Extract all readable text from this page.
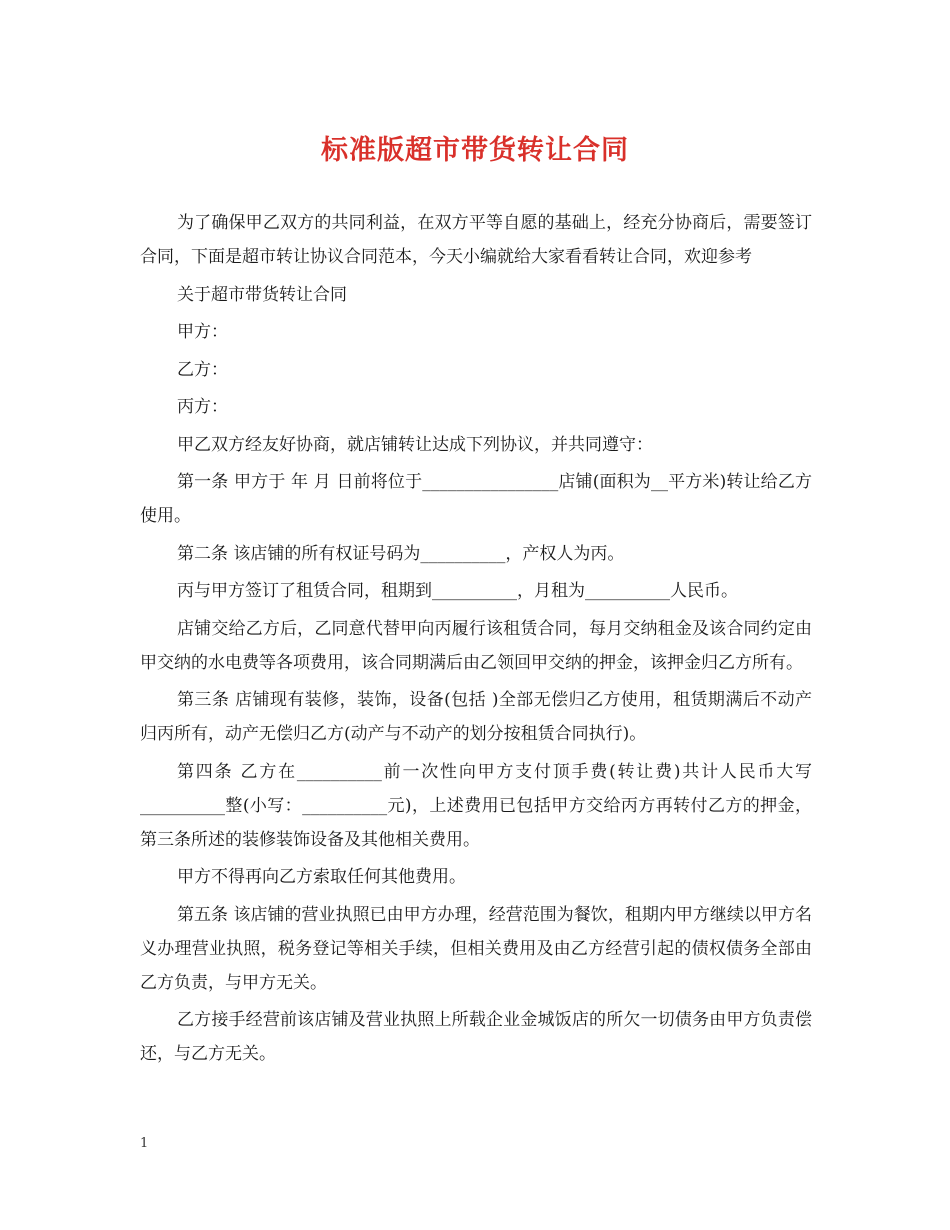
标准版超市带货转让合同

为了确保甲乙双方的共同利益，在双方平等自愿的基础上，经充分协商后，需要签订合同，下面是超市转让协议合同范本，今天小编就给大家看看转让合同，欢迎参考

关于超市带货转让合同

甲方：

乙方：

丙方：

甲乙双方经友好协商，就店铺转让达成下列协议，并共同遵守：

第一条 甲方于 年 月 日前将位于________________店铺(面积为__平方米)转让给乙方使用。

第二条 该店铺的所有权证号码为__________，产权人为丙。

丙与甲方签订了租赁合同，租期到__________，月租为__________人民币。

店铺交给乙方后，乙同意代替甲向丙履行该租赁合同，每月交纳租金及该合同约定由甲交纳的水电费等各项费用，该合同期满后由乙领回甲交纳的押金，该押金归乙方所有。

第三条 店铺现有装修，装饰，设备(包括 )全部无偿归乙方使用，租赁期满后不动产归丙所有，动产无偿归乙方(动产与不动产的划分按租赁合同执行)。

第四条 乙方在__________前一次性向甲方支付顶手费(转让费)共计人民币大写__________整(小写：__________元)，上述费用已包括甲方交给丙方再转付乙方的押金，第三条所述的装修装饰设备及其他相关费用。

甲方不得再向乙方索取任何其他费用。

第五条 该店铺的营业执照已由甲方办理，经营范围为餐饮，租期内甲方继续以甲方名义办理营业执照，税务登记等相关手续，但相关费用及由乙方经营引起的债权债务全部由乙方负责，与甲方无关。

乙方接手经营前该店铺及营业执照上所载企业金城饭店的所欠一切债务由甲方负责偿还，与乙方无关。

1
